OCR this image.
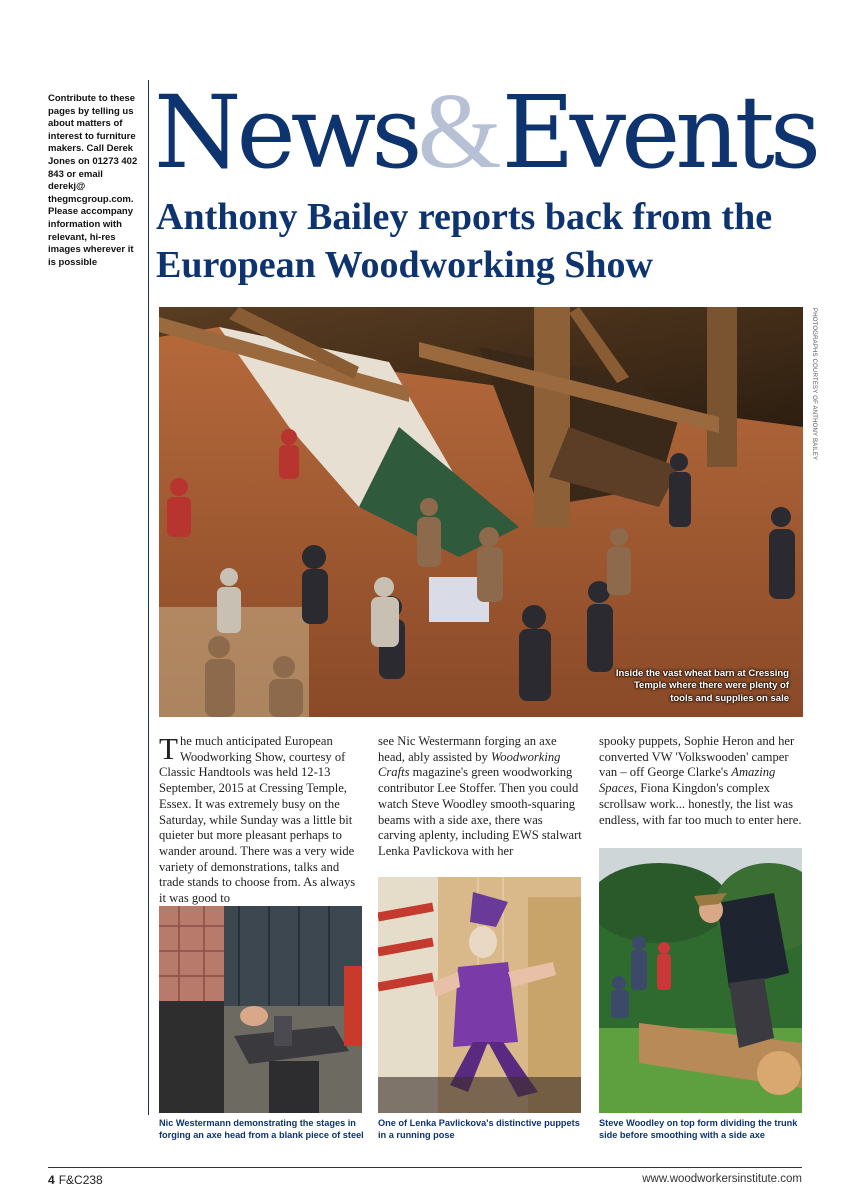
Contribute to these pages by telling us about matters of interest to furniture makers. Call Derek Jones on 01273 402 843 or email derekj@ thegmcgroup.com. Please accompany information with relevant, hi-res images wherever it is possible
News&Events
Anthony Bailey reports back from the European Woodworking Show
Inside the vast wheat barn at Cressing Temple where there were plenty of tools and supplies on sale
PHOTOGRAPHS COURTESY OF ANTHONY BAILEY

The much anticipated European Woodworking Show, courtesy of Classic Handtools was held 12-13 September, 2015 at Cressing Temple, Essex. It was extremely busy on the Saturday, while Sunday was a little bit quieter but more pleasant perhaps to wander around. There was a very wide variety of demonstrations, talks and trade stands to choose from. As always it was good to

see Nic Westermann forging an axe head, ably assisted by Woodworking Crafts magazine's green woodworking contributor Lee Stoffer. Then you could watch Steve Woodley smooth-squaring beams with a side axe, there was carving aplenty, including EWS stalwart Lenka Pavlickova with her

spooky puppets, Sophie Heron and her converted VW 'Volkswooden' camper van – off George Clarke's Amazing Spaces, Fiona Kingdon's complex scrollsaw work... honestly, the list was endless, with far too much to enter here.

Nic Westermann demonstrating the stages in forging an axe head from a blank piece of steel
One of Lenka Pavlickova's distinctive puppets in a running pose
Steve Woodley on top form dividing the trunk side before smoothing with a side axe
4 F&C238	www.woodworkersinstitute.com
